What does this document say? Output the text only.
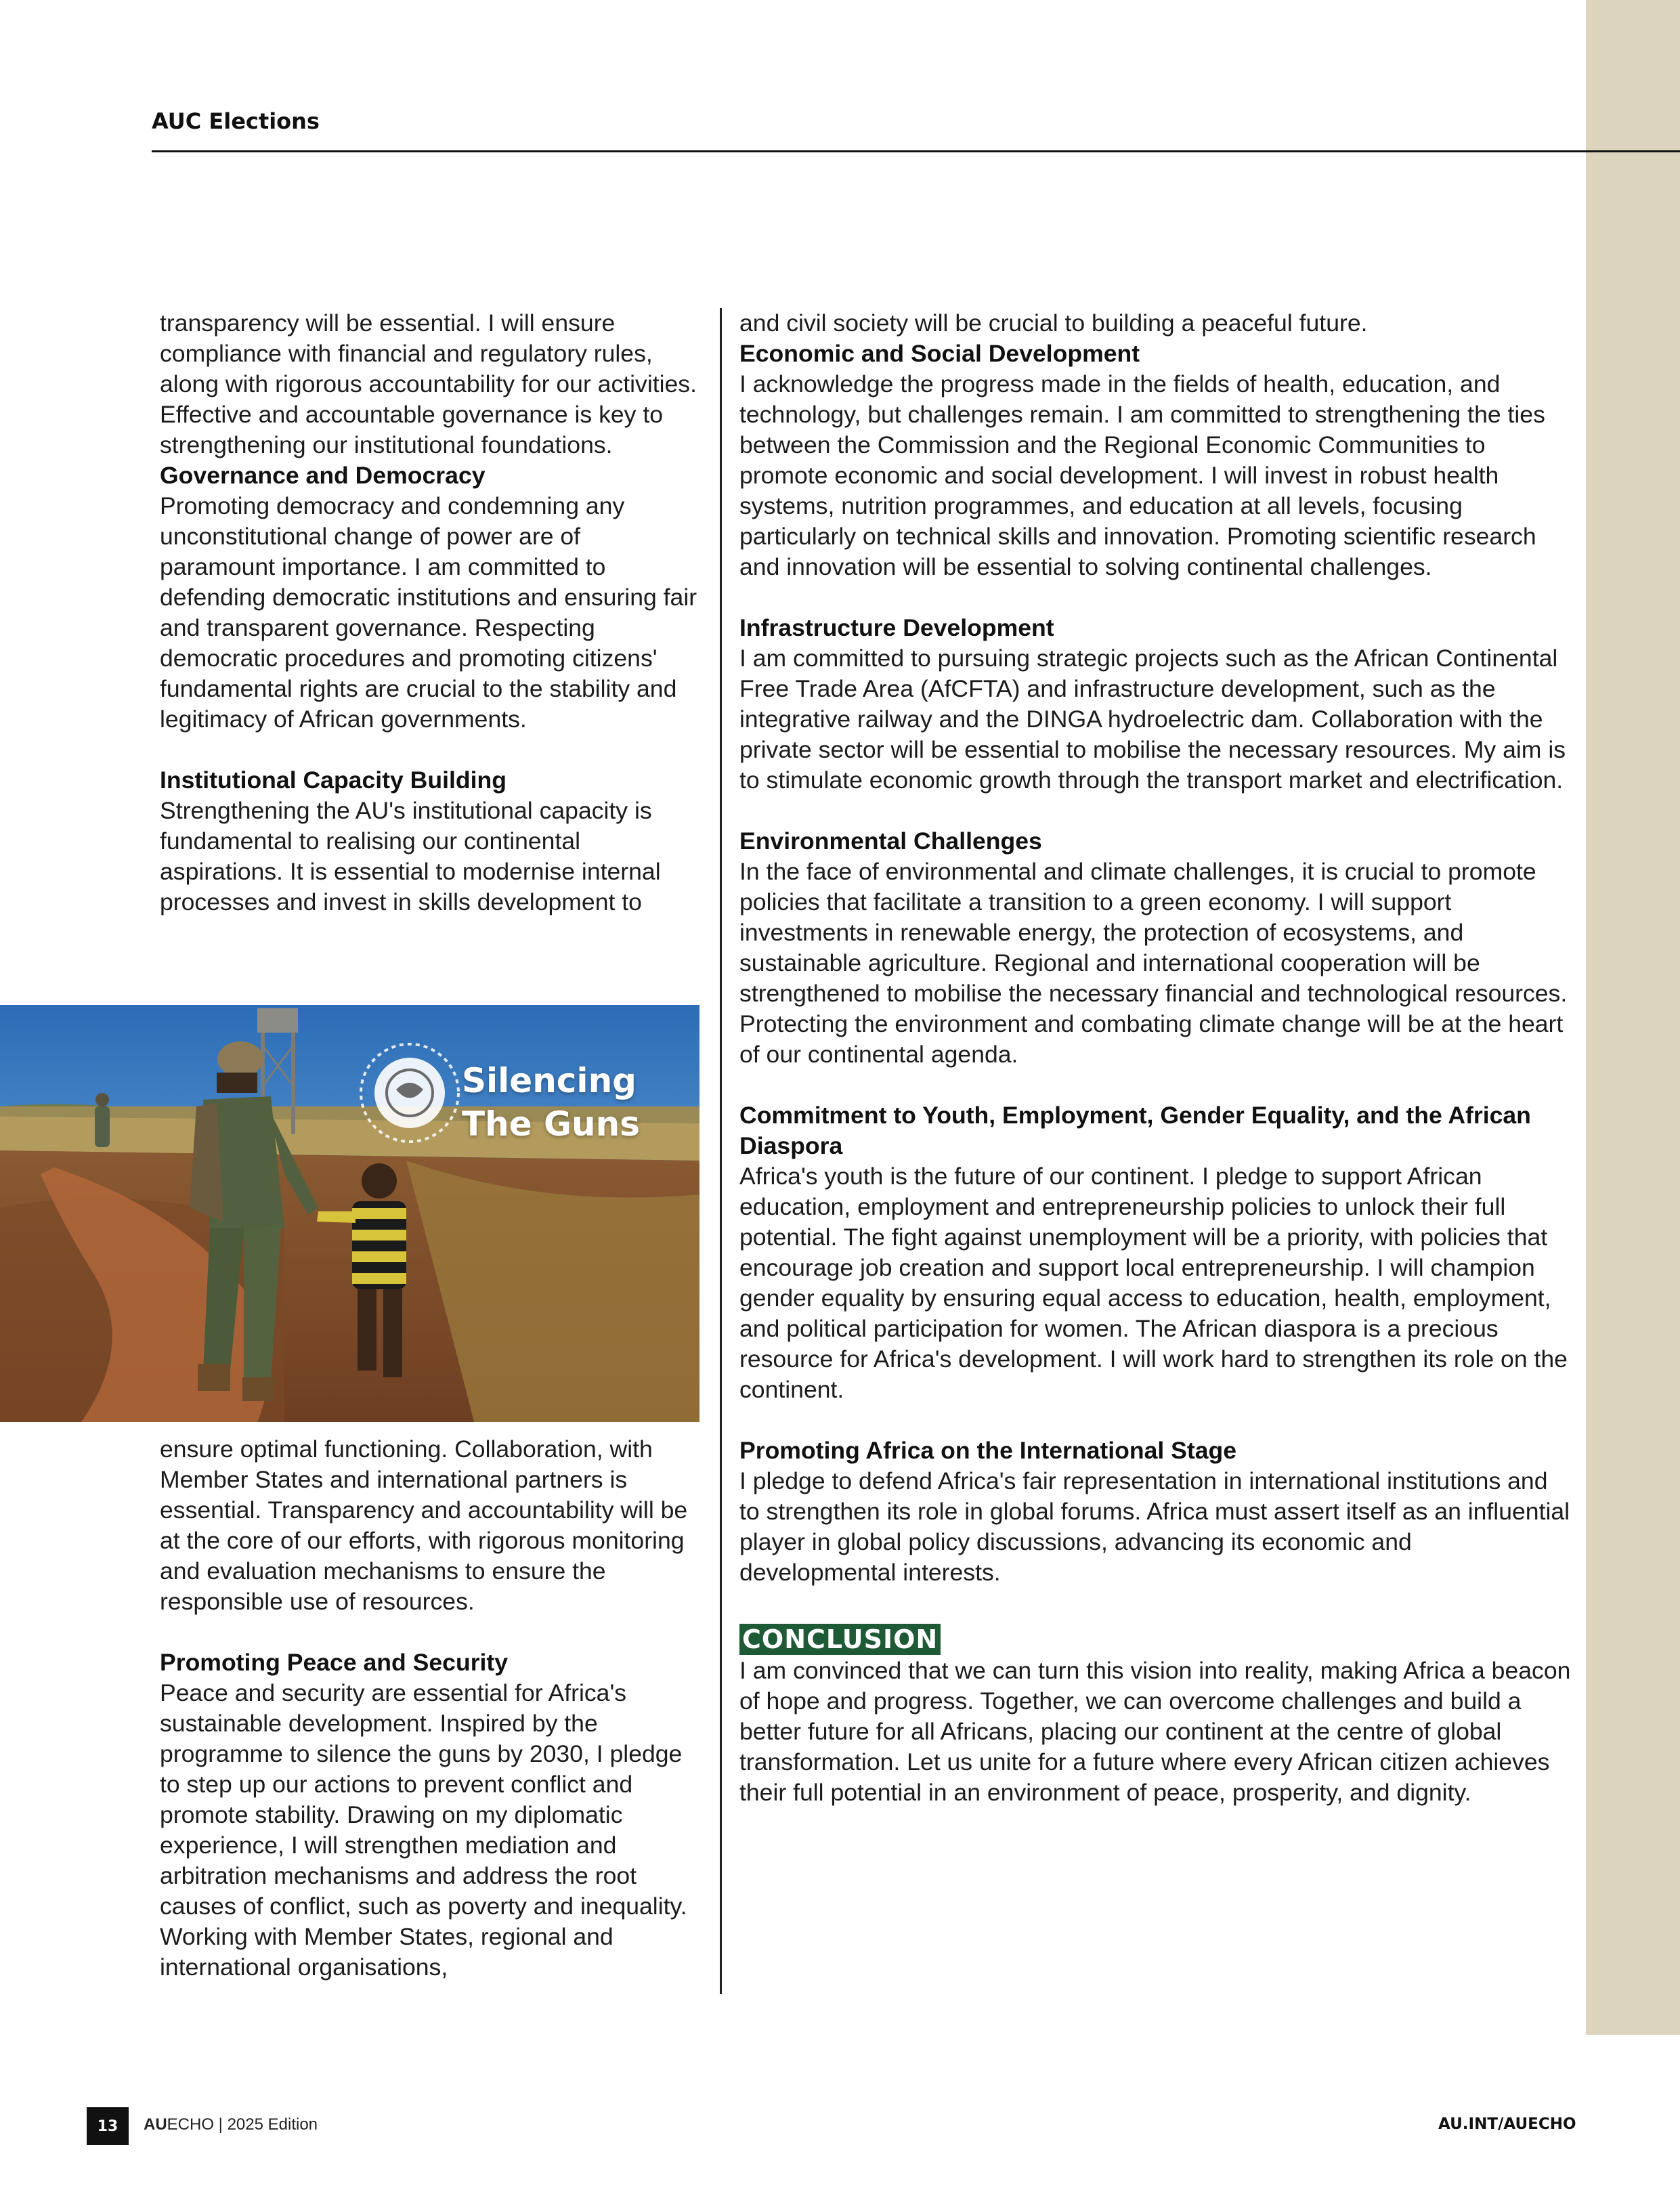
AUC Elections

transparency will be essential. I will ensure compliance with financial and regulatory rules, along with rigorous accountability for our activities. Effective and accountable governance is key to strengthening our institutional foundations.

Governance and Democracy

Promoting democracy and condemning any unconstitutional change of power are of paramount importance. I am committed to defending democratic institutions and ensuring fair and transparent governance. Respecting democratic procedures and promoting citizens' fundamental rights are crucial to the stability and legitimacy of African governments.

Institutional Capacity Building

Strengthening the AU's institutional capacity is fundamental to realising our continental aspirations. It is essential to modernise internal processes and invest in skills development to

Silencing
The Guns

ensure optimal functioning. Collaboration, with Member States and international partners is essential. Transparency and accountability will be at the core of our efforts, with rigorous monitoring and evaluation mechanisms to ensure the responsible use of resources.

Promoting Peace and Security

Peace and security are essential for Africa's sustainable development. Inspired by the programme to silence the guns by 2030, I pledge to step up our actions to prevent conflict and promote stability. Drawing on my diplomatic experience, I will strengthen mediation and arbitration mechanisms and address the root causes of conflict, such as poverty and inequality. Working with Member States, regional and international organisations,

and civil society will be crucial to building a peaceful future.

Economic and Social Development

I acknowledge the progress made in the fields of health, education, and technology, but challenges remain. I am committed to strengthening the ties between the Commission and the Regional Economic Communities to promote economic and social development. I will invest in robust health systems, nutrition programmes, and education at all levels, focusing particularly on technical skills and innovation. Promoting scientific research and innovation will be essential to solving continental challenges.

Infrastructure Development

I am committed to pursuing strategic projects such as the African Continental Free Trade Area (AfCFTA) and infrastructure development, such as the integrative railway and the DINGA hydroelectric dam. Collaboration with the private sector will be essential to mobilise the necessary resources. My aim is to stimulate economic growth through the transport market and electrification.

Environmental Challenges

In the face of environmental and climate challenges, it is crucial to promote policies that facilitate a transition to a green economy. I will support investments in renewable energy, the protection of ecosystems, and sustainable agriculture. Regional and international cooperation will be strengthened to mobilise the necessary financial and technological resources. Protecting the environment and combating climate change will be at the heart of our continental agenda.

Commitment to Youth, Employment, Gender Equality, and the African Diaspora

Africa's youth is the future of our continent. I pledge to support African education, employment and entrepreneurship policies to unlock their full potential. The fight against unemployment will be a priority, with policies that encourage job creation and support local entrepreneurship. I will champion gender equality by ensuring equal access to education, health, employment, and political participation for women. The African diaspora is a precious resource for Africa's development. I will work hard to strengthen its role on the continent.

Promoting Africa on the International Stage

I pledge to defend Africa's fair representation in international institutions and to strengthen its role in global forums. Africa must assert itself as an influential player in global policy discussions, advancing its economic and developmental interests.

CONCLUSION

I am convinced that we can turn this vision into reality, making Africa a beacon of hope and progress. Together, we can overcome challenges and build a better future for all Africans, placing our continent at the centre of global transformation. Let us unite for a future where every African citizen achieves their full potential in an environment of peace, prosperity, and dignity.

13	AUECHO | 2025 Edition	AU.INT/AUECHO
